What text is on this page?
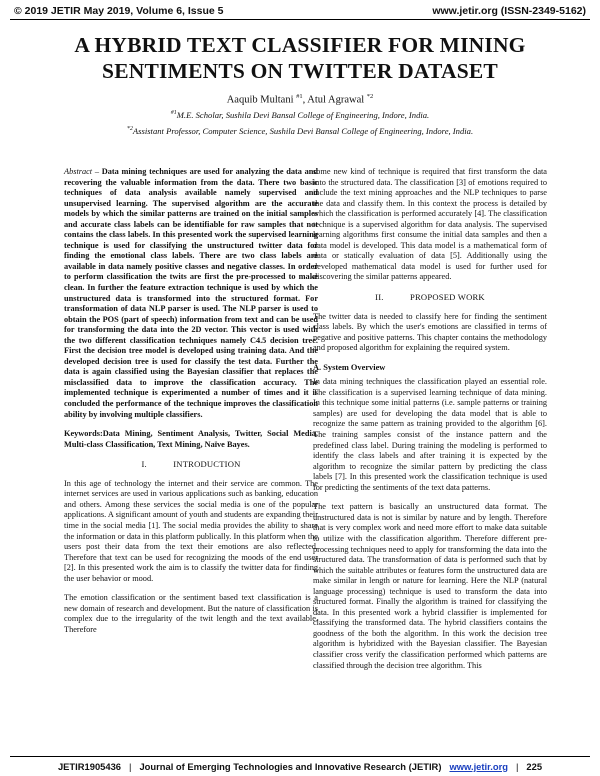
© 2019 JETIR May 2019, Volume 6, Issue 5	www.jetir.org (ISSN-2349-5162)
A HYBRID TEXT CLASSIFIER FOR MINING SENTIMENTS ON TWITTER DATASET
Aaquib Multani $^{\#1}$, Atul Agrawal $^{*2}$
$^{\#1}$M.E. Scholar, Sushila Devi Bansal College of Engineering, Indore, India.
$^{*2}$Assistant Professor, Computer Science, Sushila Devi Bansal College of Engineering, Indore, India.

Abstract – Data mining techniques are used for analyzing the data and recovering the valuable information from the data. There two basic techniques of data analysis available namely supervised and unsupervised learning. The supervised algorithm are the accurate models by which the similar patterns are trained on the initial samples and accurate class labels can be identifiable for raw samples that not contains the class labels. In this presented work the supervised learning technique is used for classifying the unstructured twitter data for finding the emotional class labels. There are two class labels are available in data namely positive classes and negative classes. In order to perform classification the twits are first the pre-processed to make clean. In further the feature extraction technique is used by which the unstructured data is transformed into the structured format. For transformation of data NLP parser is used. The NLP parser is used to obtain the POS (part of speech) information from text and can be used for transforming the data into the 2D vector. This vector is used with the two different classification techniques namely C4.5 decision tree. First the decision tree model is developed using training data. And the developed decision tree is used for classify the test data. Further the data is again classified using the Bayesian classifier that replaces the misclassified data to improve the classification accuracy. The implemented technique is experimented a number of times and it is concluded the performance of the technique improves the classification ability by involving multiple classifiers.

Keywords:Data Mining, Sentiment Analysis, Twitter, Social Media, Multi-class Classification, Text Mining, Naïve Bayes.

I.   INTRODUCTION

In this age of technology the internet and their service are common. The internet services are used in various applications such as banking, education and others. Among these services the social media is one of the popular applications. A significant amount of youth and students are expanding their time in the social media [1]. The social media provides the ability to share the information or data in this platform publically. In this platform when the users post their data from the text their emotions are also reflected. Therefore that text can be used for recognizing the moods of the end user [2]. In this presented work the aim is to classify the twitter data for finding the user behavior or mood.

The emotion classification or the sentiment based text classification is a new domain of research and development. But the nature of classification is complex due to the irregularity of the twit length and the text available. Therefore

some new kind of technique is required that first transform the data into the structured data. The classification [3] of emotions required to include the text mining approaches and the NLP techniques to parse the data and classify them. In this context the process is detailed by which the classification is performed accurately [4]. The classification technique is a supervised algorithm for data analysis. The supervised learning algorithms first consume the initial data samples and then a data model is developed. This data model is a mathematical form of data or statically evaluation of data [5]. Additionally using the developed mathematical data model is used for further used for discovering the similar patterns appeared.

II.   PROPOSED WORK

The twitter data is needed to classify here for finding the sentiment class labels. By which the user's emotions are classified in terms of negative and positive patterns. This chapter contains the methodology and proposed algorithm for explaining the required system.

A. System Overview

In data mining techniques the classification played an essential role. The classification is a supervised learning technique of data mining. In this technique some initial patterns (i.e. sample patterns or training samples) are used for developing the data model that is able to recognize the same pattern as training provided to the algorithm [6]. The training samples consist of the instance pattern and the predefined class label. During training the modeling is performed to identify the class labels and after training it is expected by the algorithm to recognize the similar pattern by predicting the class labels [7]. In this presented work the classification technique is used for predicting the sentiments of the text data patterns.

The text pattern is basically an unstructured data format. The unstructured data is not is similar by nature and by length. Therefore that is very complex work and need more effort to make data suitable to utilize with the classification algorithm. Therefore different pre-processing techniques need to apply for transforming the data into the structured data. The transformation of data is performed such that by which the suitable attributes or features form the unstructured data are make similar in length or nature for learning. Here the NLP (natural language processing) technique is used to transform the data into structured format. Finally the algorithm is trained for classifying the data. In this presented work a hybrid classifier is implemented for classifying the transformed data. The hybrid classifiers contains the goodness of the both the algorithm. In this work the decision tree algorithm is hybridized with the Bayesian classifier. The Bayesian classifier cross verify the classification performed which patterns are classified through the decision tree algorithm. This

JETIR1905436 | Journal of Emerging Technologies and Innovative Research (JETIR) www.jetir.org | 225
